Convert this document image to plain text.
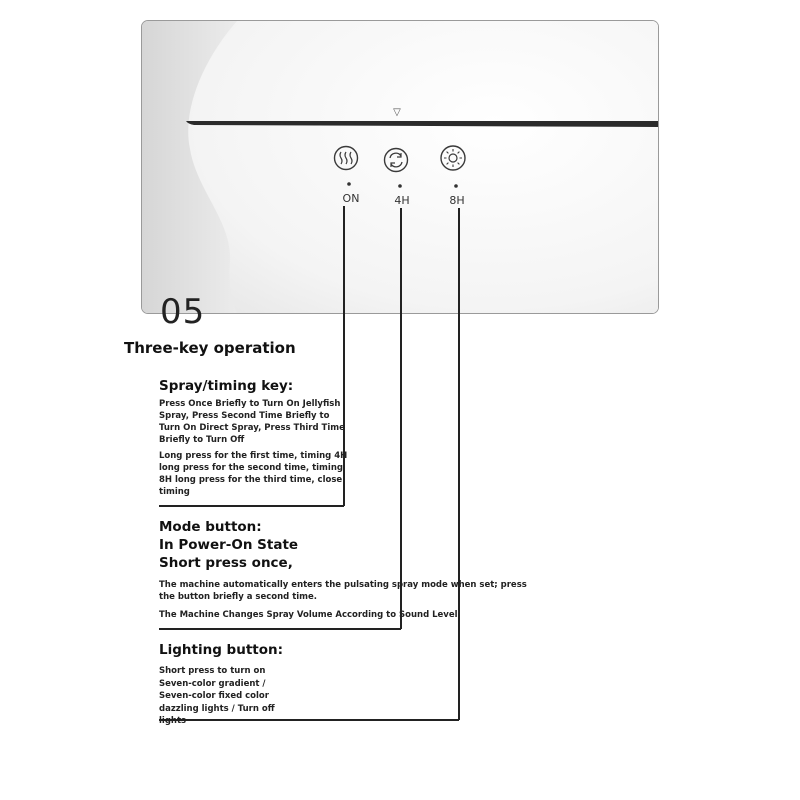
ON	4H	8H
▽
05
Three-key operation
Spray/timing key:

Press Once Briefly to Turn On Jellyfish Spray, Press Second Time Briefly to Turn On Direct Spray, Press Third Time Briefly to Turn Off

Long press for the first time, timing 4H long press for the second time, timing 8H long press for the third time, close timing

Mode button:
In Power-On State
Short press once,

The machine automatically enters the pulsating spray mode when set; press the button briefly a second time.

The Machine Changes Spray Volume According to Sound Level

Lighting button:

Short press to turn on

Seven-color gradient /

Seven-color fixed color

dazzling lights / Turn off

lights
